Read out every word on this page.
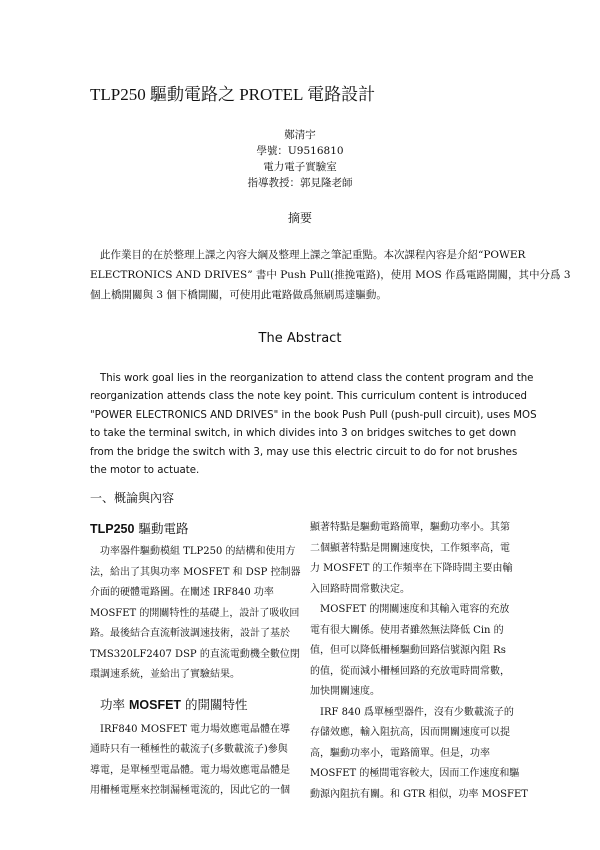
TLP250 驅動電路之 PROTEL 電路設計
鄭清宇
學號：U9516810
電力電子實驗室
指導教授：郭見隆老師
摘要
此作業目的在於整理上課之內容大綱及整理上課之筆記重點。本次課程內容是介紹“POWER
ELECTRONICS AND DRIVES” 書中 Push Pull(推挽電路)，使用 MOS 作爲電路開關，其中分爲 3
個上橋開關與 3 個下橋開關，可使用此電路做爲無刷馬達驅動。
The Abstract
This work goal lies in the reorganization to attend class the content program and the
reorganization attends class the note key point. This curriculum content is introduced
"POWER ELECTRONICS AND DRIVES" in the book Push Pull (push-pull circuit), uses MOS
to take the terminal switch, in which divides into 3 on bridges switches to get down
from the bridge the switch with 3, may use this electric circuit to do for not brushes
the motor to actuate.
一、概論與內容
TLP250 驅動電路
功率器件驅動模組 TLP250 的結構和使用方
法，給出了其與功率 MOSFET 和 DSP 控制器
介面的硬體電路圖。在闡述 IRF840 功率
MOSFET 的開關特性的基礎上，設計了吸收回
路。最後結合直流斬波調速技術，設計了基於
TMS320LF2407 DSP 的直流電動機全數位閉
環調速系統，並給出了實驗結果。
功率 MOSFET 的開關特性
IRF840 MOSFET 電力場效應電晶體在導
通時只有一種極性的載流子(多數載流子)參與
導電，是單極型電晶體。電力場效應電晶體是
用柵極電壓來控制漏極電流的，因此它的一個
顯著特點是驅動電路簡單，驅動功率小。其第
二個顯著特點是開關速度快，工作頻率高，電
力 MOSFET 的工作頻率在下降時間主要由輸
入回路時間常數決定。
MOSFET 的開關速度和其輸入電容的充放
電有很大關係。使用者雖然無法降低 Cin 的
值，但可以降低柵極驅動回路信號源內阻 Rs
的值，從而減小柵極回路的充放電時間常數，
加快開關速度。
IRF 840 爲單極型器件，沒有少數載流子的
存儲效應，輸入阻抗高，因而開關速度可以提
高，驅動功率小，電路簡單。但是，功率
MOSFET 的極間電容較大，因而工作速度和驅
動源內阻抗有關。和 GTR 相似，功率 MOSFET
